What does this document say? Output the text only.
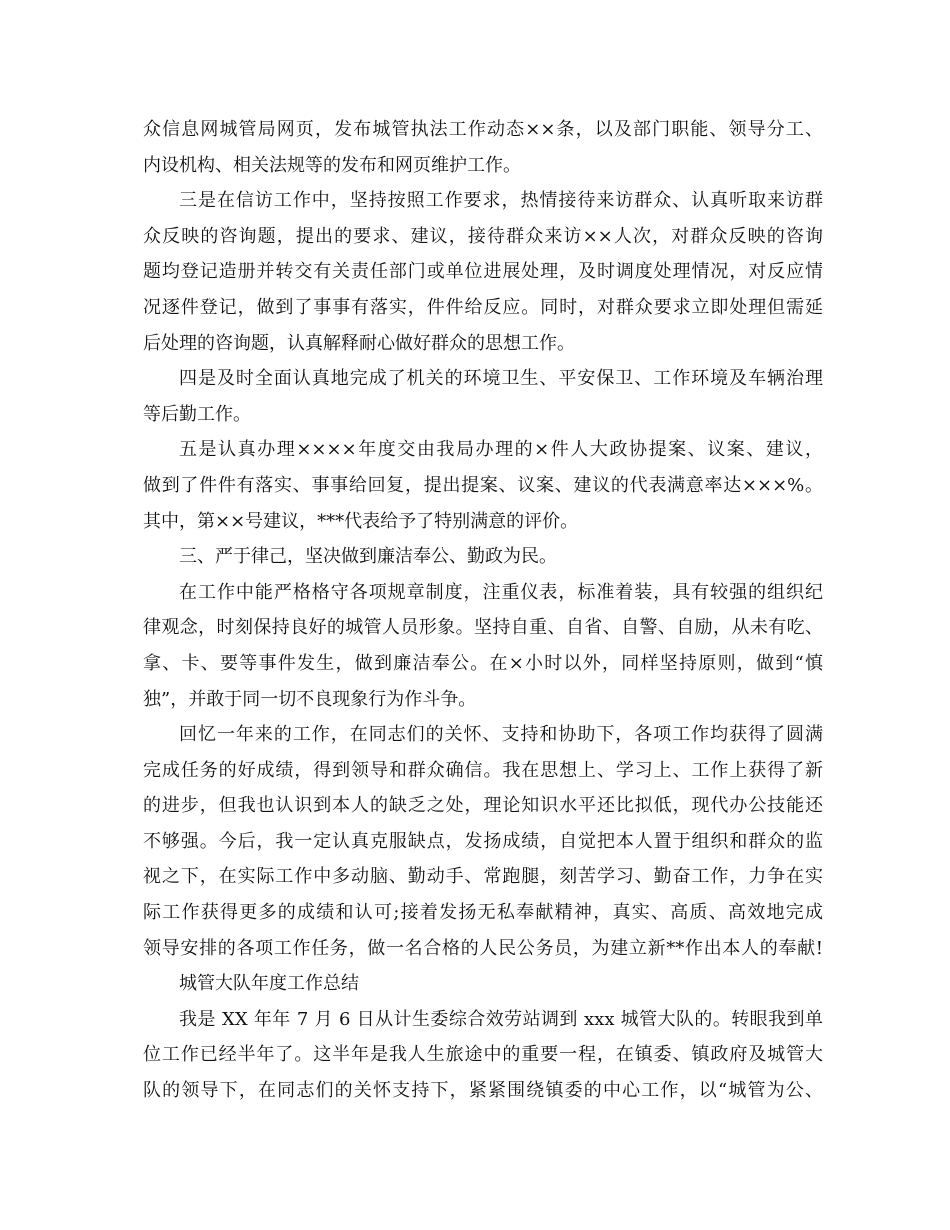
众信息网城管局网页，发布城管执法工作动态××条，以及部门职能、领导分工、
内设机构、相关法规等的发布和网页维护工作。
三是在信访工作中，坚持按照工作要求，热情接待来访群众、认真听取来访群
众反映的咨询题，提出的要求、建议，接待群众来访××人次，对群众反映的咨询
题均登记造册并转交有关责任部门或单位进展处理，及时调度处理情况，对反应情
况逐件登记，做到了事事有落实，件件给反应。同时，对群众要求立即处理但需延
后处理的咨询题，认真解释耐心做好群众的思想工作。
四是及时全面认真地完成了机关的环境卫生、平安保卫、工作环境及车辆治理
等后勤工作。
五是认真办理××××年度交由我局办理的×件人大政协提案、议案、建议，
做到了件件有落实、事事给回复，提出提案、议案、建议的代表满意率达×××%。
其中，第××号建议，***代表给予了特别满意的评价。
三、严于律己，坚决做到廉洁奉公、勤政为民。
在工作中能严格格守各项规章制度，注重仪表，标准着装，具有较强的组织纪
律观念，时刻保持良好的城管人员形象。坚持自重、自省、自警、自励，从未有吃、
拿、卡、要等事件发生，做到廉洁奉公。在×小时以外，同样坚持原则，做到“慎
独”，并敢于同一切不良现象行为作斗争。
回忆一年来的工作，在同志们的关怀、支持和协助下，各项工作均获得了圆满
完成任务的好成绩，得到领导和群众确信。我在思想上、学习上、工作上获得了新
的进步，但我也认识到本人的缺乏之处，理论知识水平还比拟低，现代办公技能还
不够强。今后，我一定认真克服缺点，发扬成绩，自觉把本人置于组织和群众的监
视之下，在实际工作中多动脑、勤动手、常跑腿，刻苦学习、勤奋工作，力争在实
际工作获得更多的成绩和认可;接着发扬无私奉献精神，真实、高质、高效地完成
领导安排的各项工作任务，做一名合格的人民公务员，为建立新**作出本人的奉献!
城管大队年度工作总结
我是 XX 年年 7 月 6 日从计生委综合效劳站调到 xxx 城管大队的。转眼我到单
位工作已经半年了。这半年是我人生旅途中的重要一程，在镇委、镇政府及城管大
队的领导下，在同志们的关怀支持下，紧紧围绕镇委的中心工作，以“城管为公、
